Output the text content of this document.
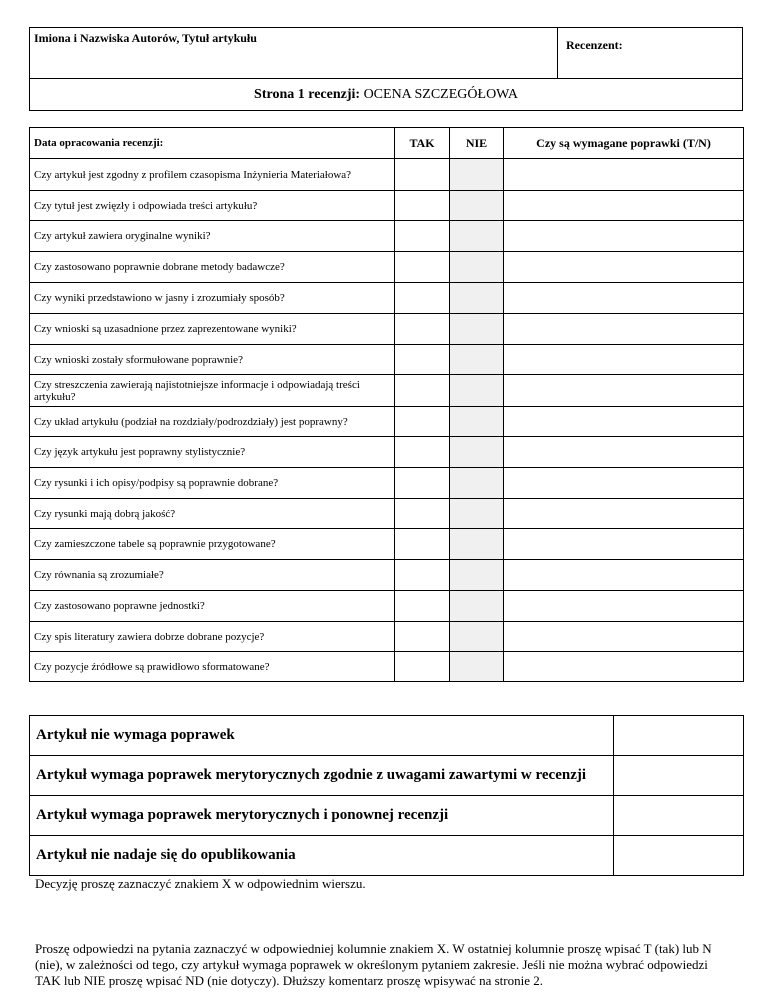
Imiona i Nazwiska Autorów, Tytuł artykułu	Recenzent:
Strona 1 recenzji: OCENA SZCZEGÓŁOWA
Data opracowania recenzji:	TAK	NIE	Czy są wymagane poprawki (T/N)
Czy artykuł jest zgodny z profilem czasopisma Inżynieria Materiałowa?			
Czy tytuł jest zwięzły i odpowiada treści artykułu?			
Czy artykuł zawiera oryginalne wyniki?			
Czy zastosowano poprawnie dobrane metody badawcze?			
Czy wyniki przedstawiono w jasny i zrozumiały sposób?			
Czy wnioski są uzasadnione przez zaprezentowane wyniki?			
Czy wnioski zostały sformułowane poprawnie?			
Czy streszczenia zawierają najistotniejsze informacje i odpowiadają treści artykułu?			
Czy układ artykułu (podział na rozdziały/podrozdziały) jest poprawny?			
Czy język artykułu jest poprawny stylistycznie?			
Czy rysunki i ich opisy/podpisy są poprawnie dobrane?			
Czy rysunki mają dobrą jakość?			
Czy zamieszczone tabele są poprawnie przygotowane?			
Czy równania są zrozumiałe?			
Czy zastosowano poprawne jednostki?			
Czy spis literatury zawiera dobrze dobrane pozycje?			
Czy pozycje źródłowe są prawidłowo sformatowane?			
Artykuł nie wymaga poprawek	
Artykuł wymaga poprawek merytorycznych zgodnie z uwagami zawartymi w recenzji	
Artykuł wymaga poprawek merytorycznych i ponownej recenzji	
Artykuł nie nadaje się do opublikowania	
Decyzję proszę zaznaczyć znakiem X w odpowiednim wierszu.
Proszę odpowiedzi na pytania zaznaczyć w odpowiedniej kolumnie znakiem X. W ostatniej kolumnie proszę wpisać T (tak) lub N (nie), w zależności od tego, czy artykuł wymaga poprawek w określonym pytaniem zakresie. Jeśli nie można wybrać odpowiedzi TAK lub NIE proszę wpisać ND (nie dotyczy). Dłuższy komentarz proszę wpisywać na stronie 2.
